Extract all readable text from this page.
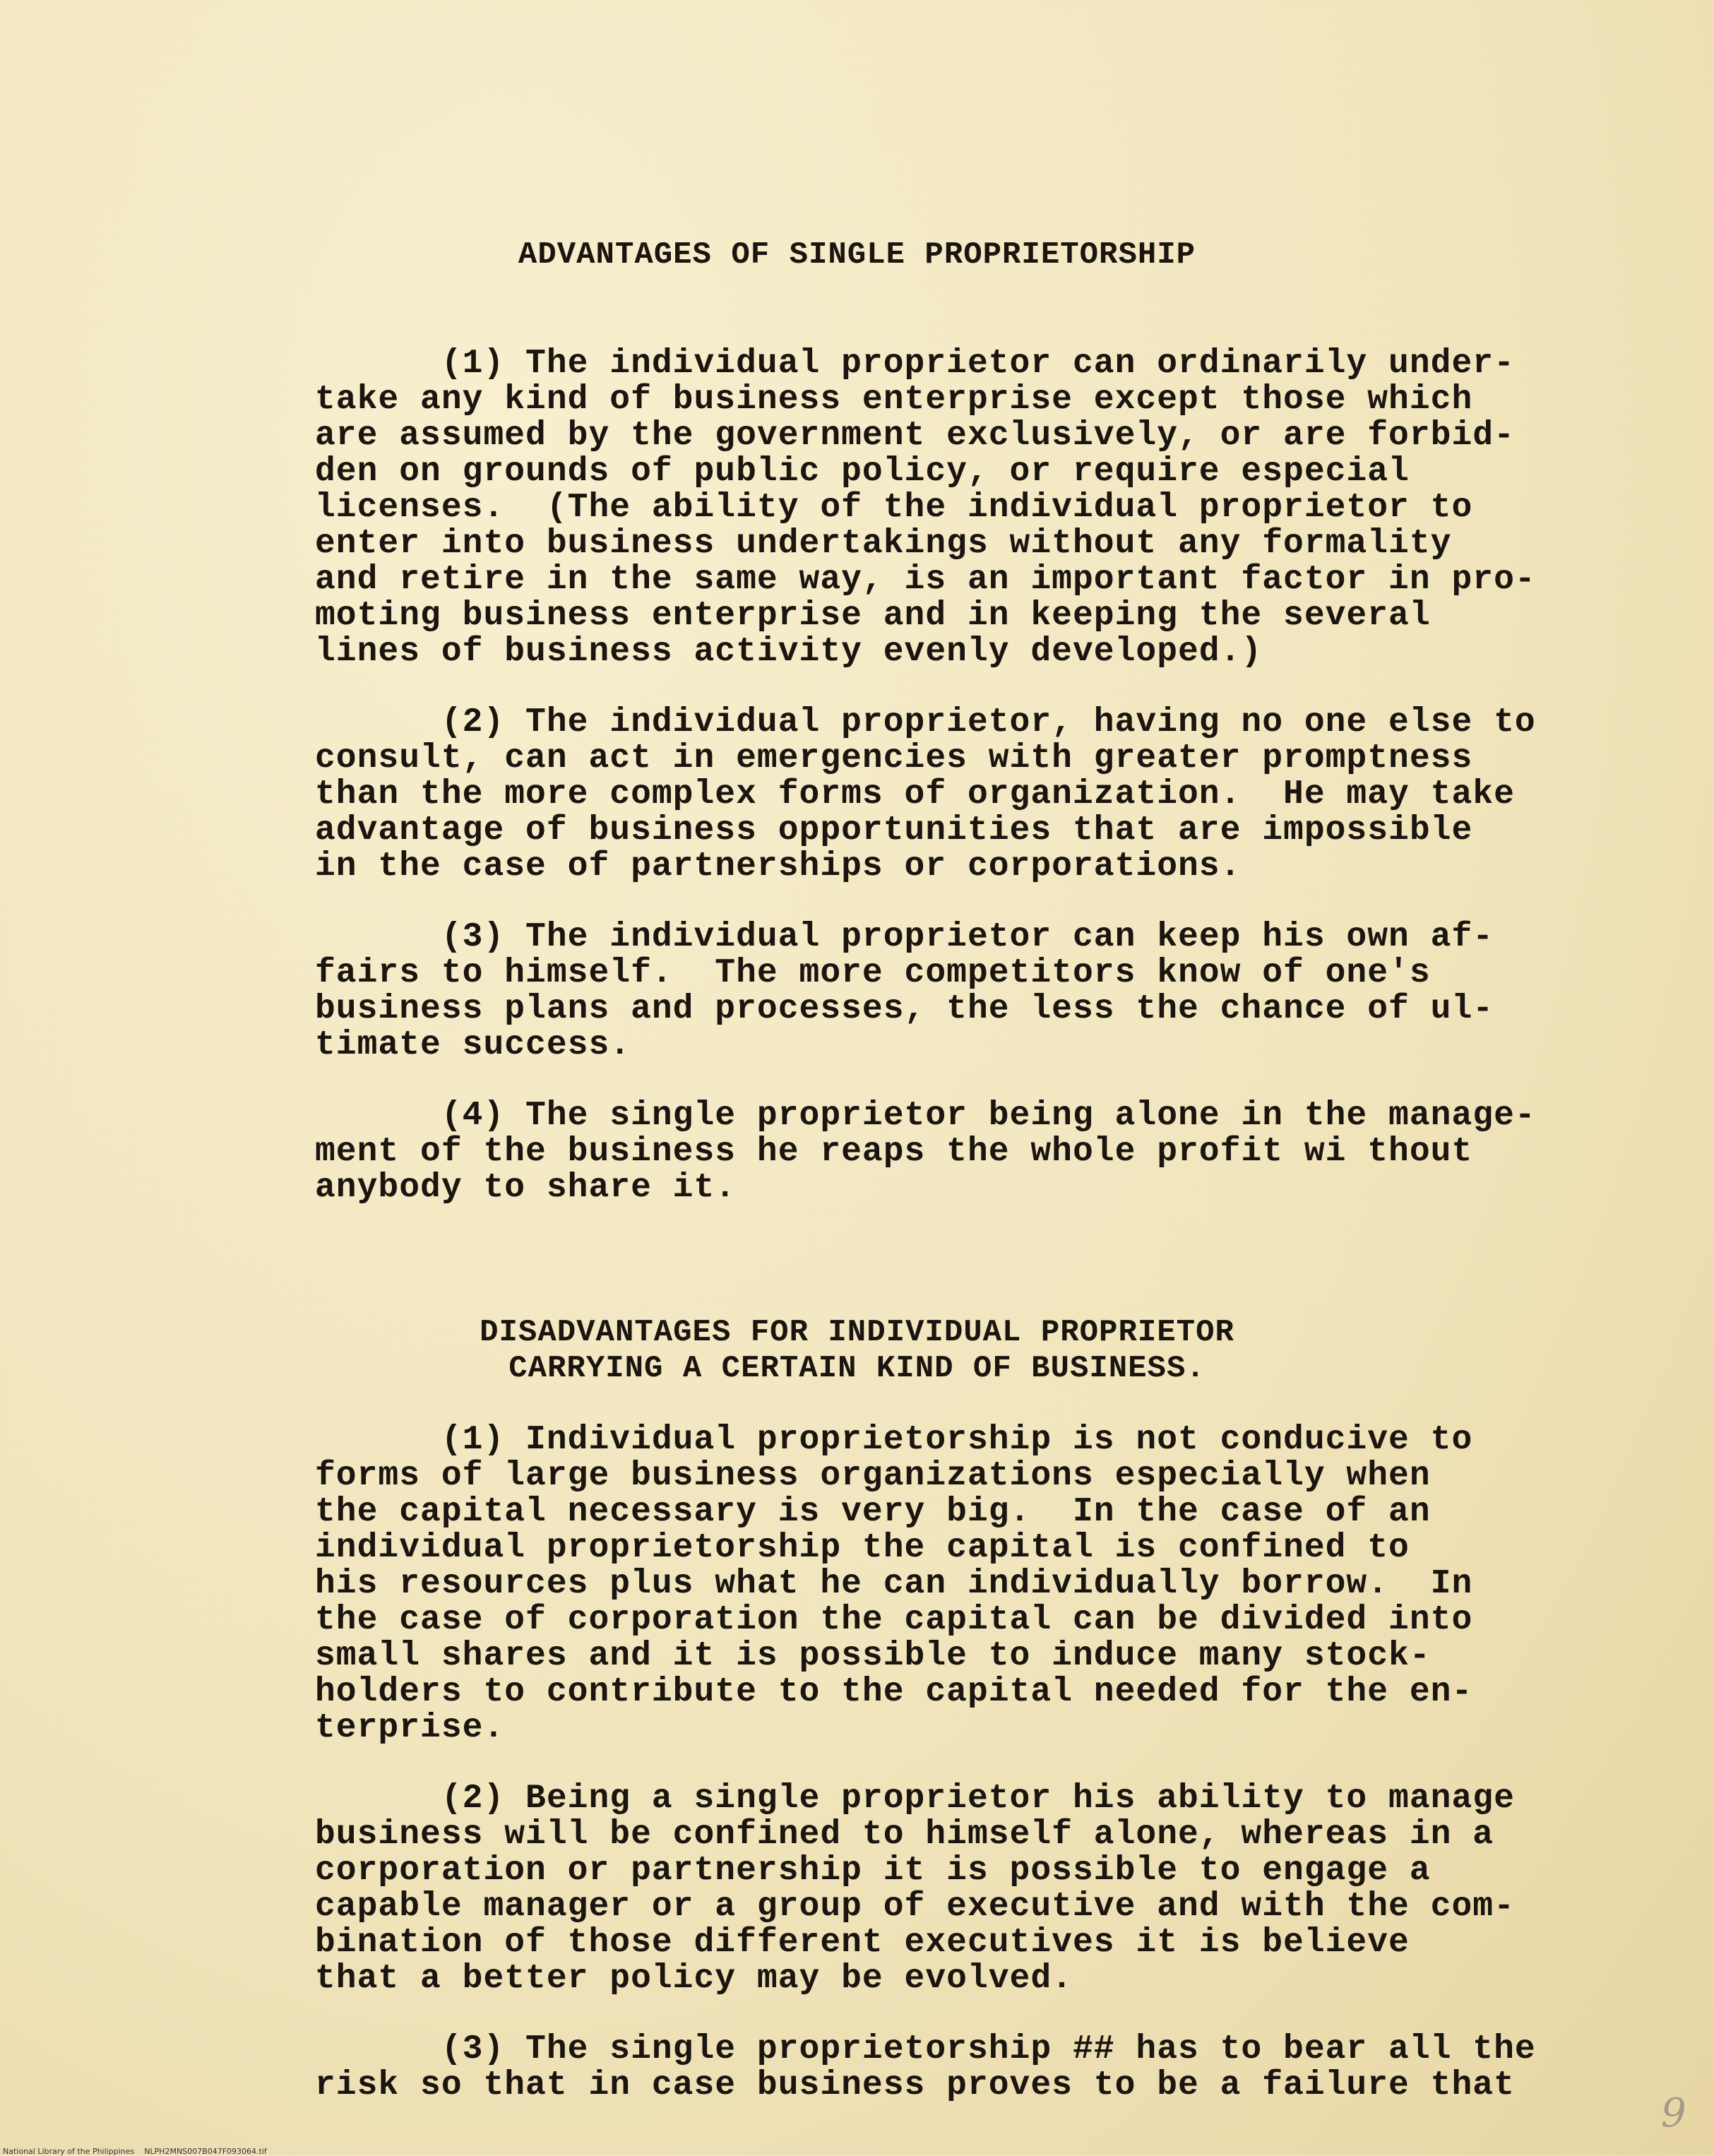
ADVANTAGES OF SINGLE PROPRIETORSHIP
(1) The individual proprietor can ordinarily under-
take any kind of business enterprise except those which
are assumed by the government exclusively, or are forbid-
den on grounds of public policy, or require especial
licenses.  (The ability of the individual proprietor to
enter into business undertakings without any formality
and retire in the same way, is an important factor in pro-
moting business enterprise and in keeping the several
lines of business activity evenly developed.)
(2) The individual proprietor, having no one else to
consult, can act in emergencies with greater promptness
than the more complex forms of organization.  He may take
advantage of business opportunities that are impossible
in the case of partnerships or corporations.
(3) The individual proprietor can keep his own af-
fairs to himself.  The more competitors know of one's
business plans and processes, the less the chance of ul-
timate success.
(4) The single proprietor being alone in the manage-
ment of the business he reaps the whole profit wi thout
anybody to share it.
DISADVANTAGES FOR INDIVIDUAL PROPRIETOR
CARRYING A CERTAIN KIND OF BUSINESS.
(1) Individual proprietorship is not conducive to
forms of large business organizations especially when
the capital necessary is very big.  In the case of an
individual proprietorship the capital is confined to
his resources plus what he can individually borrow.  In
the case of corporation the capital can be divided into
small shares and it is possible to induce many stock-
holders to contribute to the capital needed for the en-
terprise.
(2) Being a single proprietor his ability to manage
business will be confined to himself alone, whereas in a
corporation or partnership it is possible to engage a
capable manager or a group of executive and with the com-
bination of those different executives it is believe
that a better policy may be evolved.
(3) The single proprietorship ## has to bear all the
risk so that in case business proves to be a failure that
9
National Library of the Philippines    NLPH2MNS007B047F093064.tif
